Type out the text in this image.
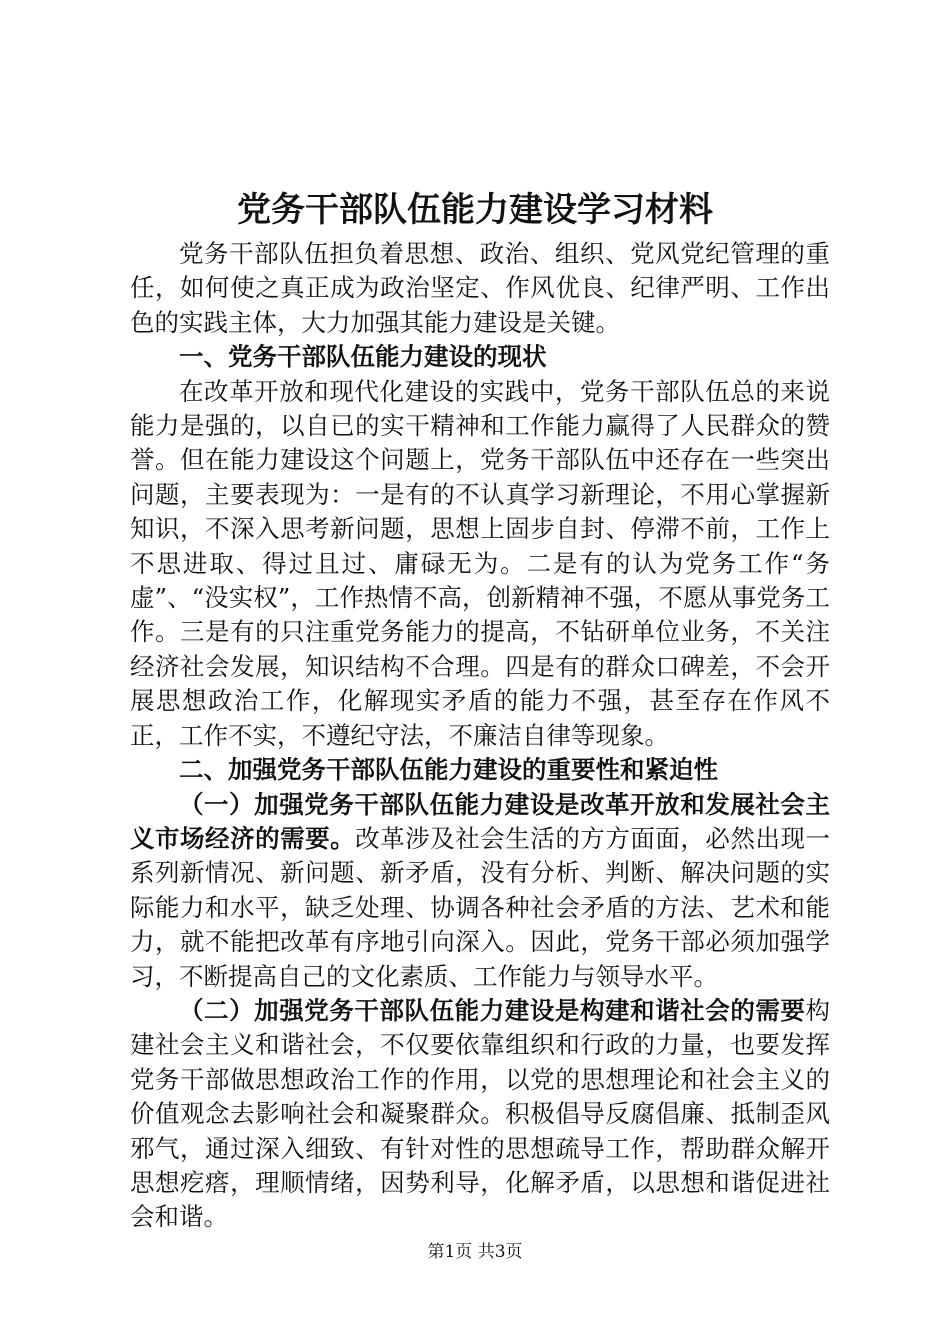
党务干部队伍能力建设学习材料

党务干部队伍担负着思想、政治、组织、党风党纪管理的重任，如何使之真正成为政治坚定、作风优良、纪律严明、工作出色的实践主体，大力加强其能力建设是关键。

一、党务干部队伍能力建设的现状

在改革开放和现代化建设的实践中，党务干部队伍总的来说能力是强的，以自已的实干精神和工作能力赢得了人民群众的赞誉。但在能力建设这个问题上，党务干部队伍中还存在一些突出问题，主要表现为：一是有的不认真学习新理论，不用心掌握新知识，不深入思考新问题，思想上固步自封、停滞不前，工作上不思进取、得过且过、庸碌无为。二是有的认为党务工作“务虚”、“没实权”，工作热情不高，创新精神不强，不愿从事党务工作。三是有的只注重党务能力的提高，不钻研单位业务，不关注经济社会发展，知识结构不合理。四是有的群众口碑差，不会开展思想政治工作，化解现实矛盾的能力不强，甚至存在作风不正，工作不实，不遵纪守法，不廉洁自律等现象。

二、加强党务干部队伍能力建设的重要性和紧迫性

（一）加强党务干部队伍能力建设是改革开放和发展社会主义市场经济的需要。改革涉及社会生活的方方面面，必然出现一系列新情况、新问题、新矛盾，没有分析、判断、解决问题的实际能力和水平，缺乏处理、协调各种社会矛盾的方法、艺术和能力，就不能把改革有序地引向深入。因此，党务干部必须加强学习，不断提高自己的文化素质、工作能力与领导水平。

（二）加强党务干部队伍能力建设是构建和谐社会的需要构建社会主义和谐社会，不仅要依靠组织和行政的力量，也要发挥党务干部做思想政治工作的作用，以党的思想理论和社会主义的价值观念去影响社会和凝聚群众。积极倡导反腐倡廉、抵制歪风邪气，通过深入细致、有针对性的思想疏导工作，帮助群众解开思想疙瘩，理顺情绪，因势利导，化解矛盾，以思想和谐促进社会和谐。

第1页 共3页
